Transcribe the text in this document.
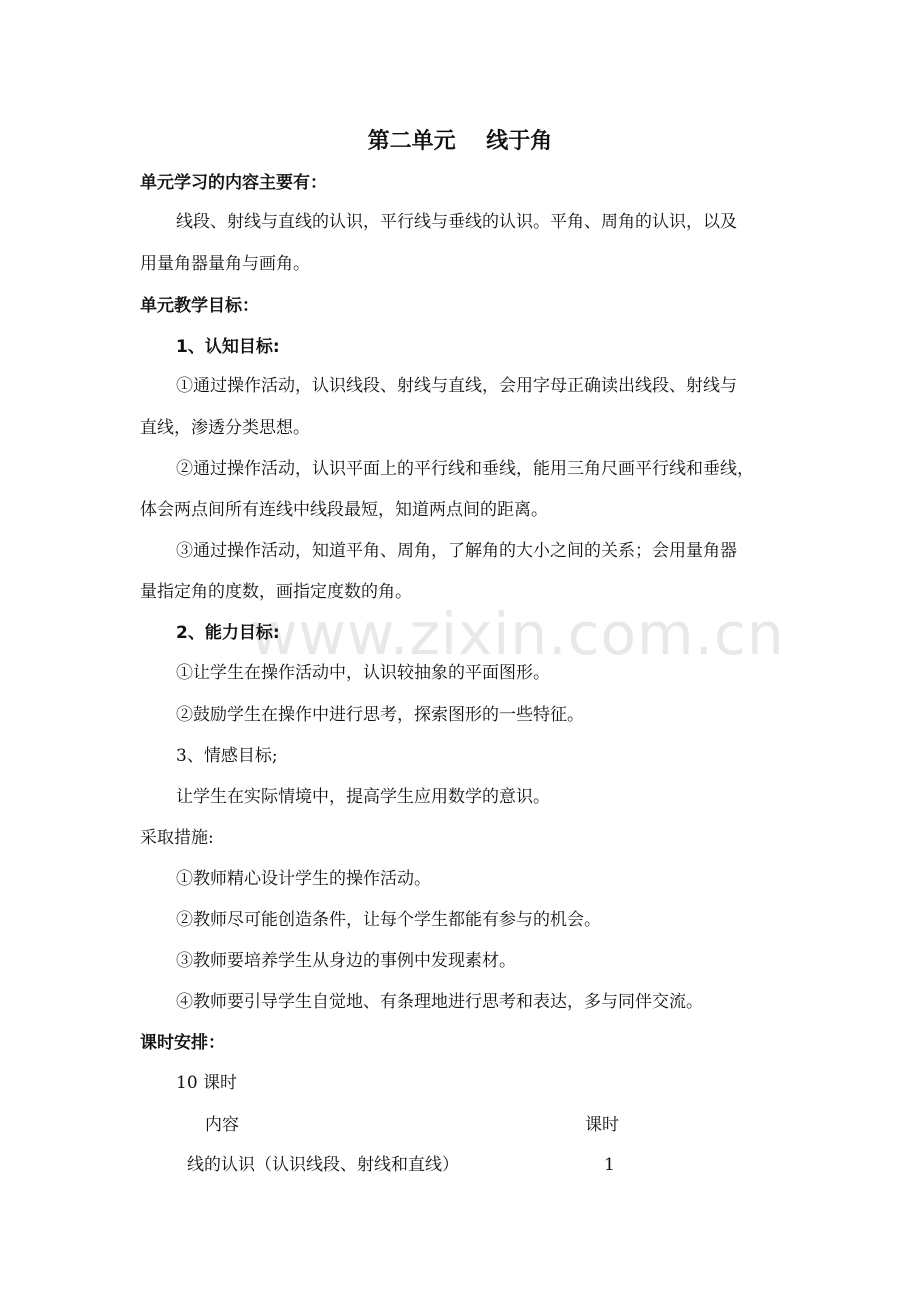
www.zixin.com.cn
第二单元    线于角
单元学习的内容主要有：
线段、射线与直线的认识，平行线与垂线的认识。平角、周角的认识，以及
用量角器量角与画角。
单元教学目标：
1、认知目标:
①通过操作活动，认识线段、射线与直线，会用字母正确读出线段、射线与
直线，渗透分类思想。
②通过操作活动，认识平面上的平行线和垂线，能用三角尺画平行线和垂线，
体会两点间所有连线中线段最短，知道两点间的距离。
③通过操作活动，知道平角、周角，了解角的大小之间的关系；会用量角器
量指定角的度数，画指定度数的角。
2、能力目标:
①让学生在操作活动中，认识较抽象的平面图形。
②鼓励学生在操作中进行思考，探索图形的一些特征。
3、情感目标;
让学生在实际情境中，提高学生应用数学的意识。
采取措施:
①教师精心设计学生的操作活动。
②教师尽可能创造条件，让每个学生都能有参与的机会。
③教师要培养学生从身边的事例中发现素材。
④教师要引导学生自觉地、有条理地进行思考和表达，多与同伴交流。
课时安排：
10 课时
内容	课时
线的认识（认识线段、射线和直线）	1
